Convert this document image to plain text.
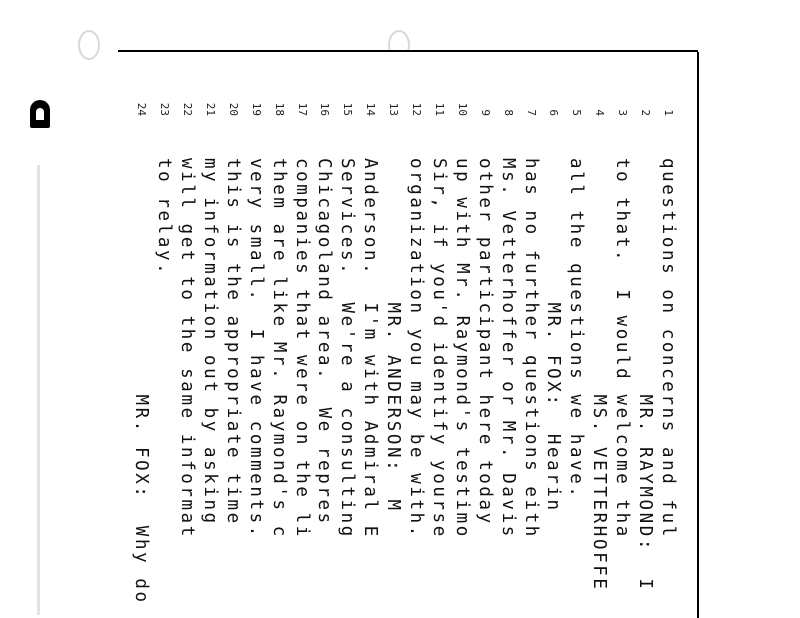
1
questions on concerns and ful
2
MR. RAYMOND:  I
3
to that.  I would welcome tha
4
MS. VETTERHOFFE
5
all the questions we have.
6
MR. FOX:  Hearin
7
has no further questions eith
8
Ms. Vetterhoffer or Mr. Davis
9
other participant here today
10
up with Mr. Raymond's testimo
11
Sir, if you'd identify yourse
12
organization you may be with.
13
MR. ANDERSON:  M
14
Anderson.  I'm with Admiral E
15
Services.  We're a consulting
16
Chicagoland area.  We repres
17
companies that were on the li
18
them are like Mr. Raymond's c
19
very small.  I have comments.
20
this is the appropriate time
21
my information out by asking
22
will get to the same informat
23
to relay.
24
MR. FOX:  Why do
